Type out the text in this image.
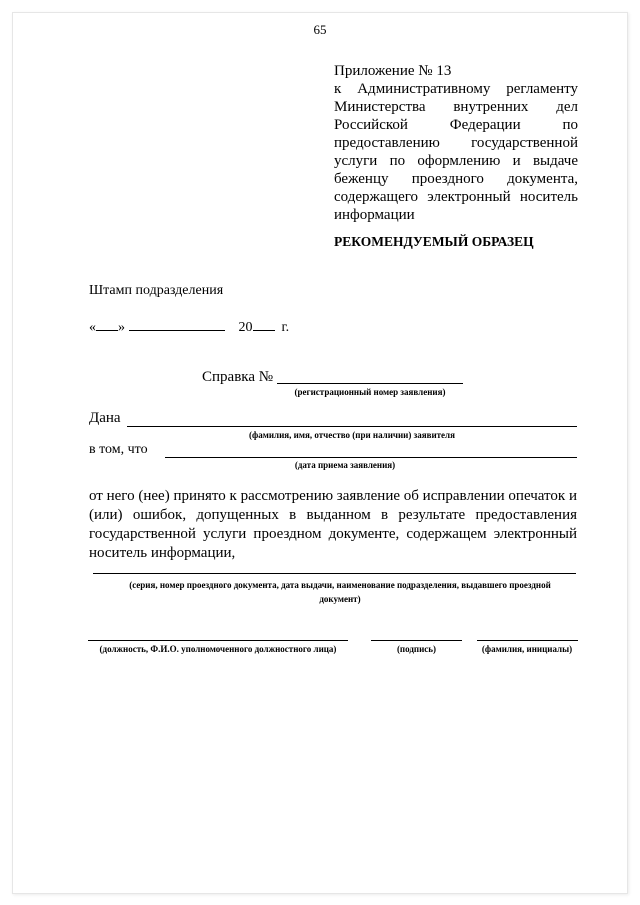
65
Приложение № 13
к Административному регламенту Министерства внутренних дел Российской Федерации по предоставлению государственной услуги по оформлению и выдаче беженцу проездного документа, содержащего электронный носитель информации
РЕКОМЕНДУЕМЫЙ ОБРАЗЕЦ
Штамп подразделения
« »	20 г.
Справка №
(регистрационный номер заявления)
Дана
(фамилия, имя, отчество (при наличии) заявителя
в том, что
(дата приема заявления)
от него (нее) принято к рассмотрению заявление об исправлении опечаток и (или) ошибок, допущенных в выданном в результате предоставления государственной услуги проездном документе, содержащем электронный носитель информации,
(серия, номер проездного документа, дата выдачи, наименование подразделения, выдавшего проездной документ)
(должность, Ф.И.О. уполномоченного должностного лица)	(подпись)	(фамилия, инициалы)
